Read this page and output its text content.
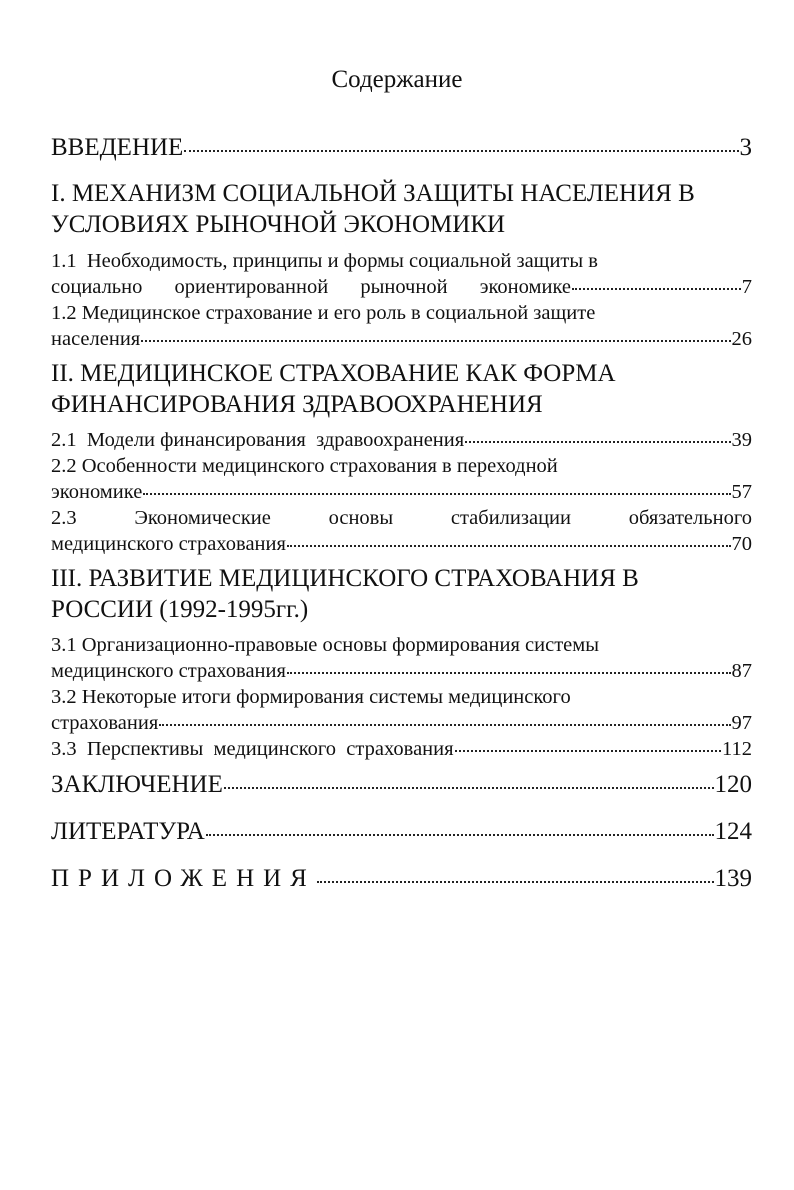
Содержание
ВВЕДЕНИЕ	3
I. МЕХАНИЗМ СОЦИАЛЬНОЙ ЗАЩИТЫ НАСЕЛЕНИЯ В
УСЛОВИЯХ РЫНОЧНОЙ ЭКОНОМИКИ
1.1 Необходимость, принципы и формы социальной защиты в
социально ориентированной рыночной экономике	7
1.2 Медицинское страхование и его роль в социальной защите
населения	26
II. МЕДИЦИНСКОЕ СТРАХОВАНИЕ КАК ФОРМА
ФИНАНСИРОВАНИЯ ЗДРАВООХРАНЕНИЯ
2.1  Модели финансирования  здравоохранения	39
2.2 Особенности медицинского страхования в переходной
экономике	57
2.3	Экономические	основы	стабилизации	обязательного
медицинского страхования	70
III. РАЗВИТИЕ МЕДИЦИНСКОГО СТРАХОВАНИЯ В
РОССИИ (1992-1995гг.)
3.1 Организационно-правовые основы формирования системы
медицинского страхования	87
3.2 Некоторые итоги формирования системы медицинского
страхования	97
3.3  Перспективы  медицинского  страхования	112
ЗАКЛЮЧЕНИЕ	120
ЛИТЕРАТУРА	124
ПРИЛОЖЕНИЯ	139
